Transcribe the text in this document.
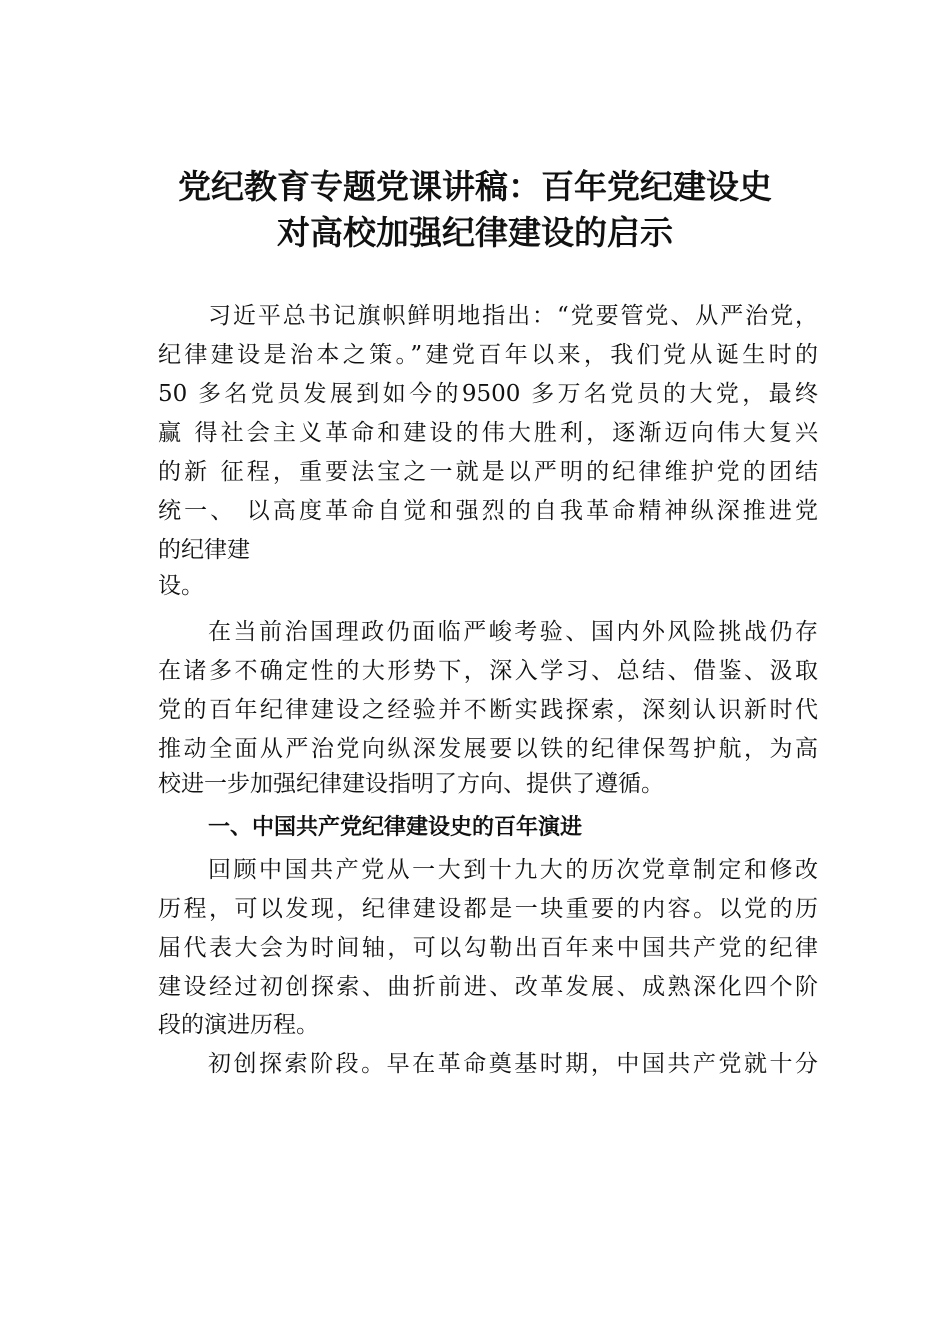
党纪教育专题党课讲稿：百年党纪建设史
对高校加强纪律建设的启示
习近平总书记旗帜鲜明地指出：“党要管党、从严治党，
纪律建设是治本之策。”建党百年以来，我们党从诞生时的
50 多名党员发展到如今的9500 多万名党员的大党，最终
赢 得社会主义革命和建设的伟大胜利，逐渐迈向伟大复兴
的新 征程，重要法宝之一就是以严明的纪律维护党的团结
统一、 以高度革命自觉和强烈的自我革命精神纵深推进党
的纪律建
设。
在当前治国理政仍面临严峻考验、国内外风险挑战仍存
在诸多不确定性的大形势下，深入学习、总结、借鉴、汲取
党的百年纪律建设之经验并不断实践探索，深刻认识新时代
推动全面从严治党向纵深发展要以铁的纪律保驾护航，为高
校进一步加强纪律建设指明了方向、提供了遵循。
一、中国共产党纪律建设史的百年演进
回顾中国共产党从一大到十九大的历次党章制定和修改
历程，可以发现，纪律建设都是一块重要的内容。以党的历
届代表大会为时间轴，可以勾勒出百年来中国共产党的纪律
建设经过初创探索、曲折前进、改革发展、成熟深化四个阶
段的演进历程。
初创探索阶段。早在革命奠基时期，中国共产党就十分
